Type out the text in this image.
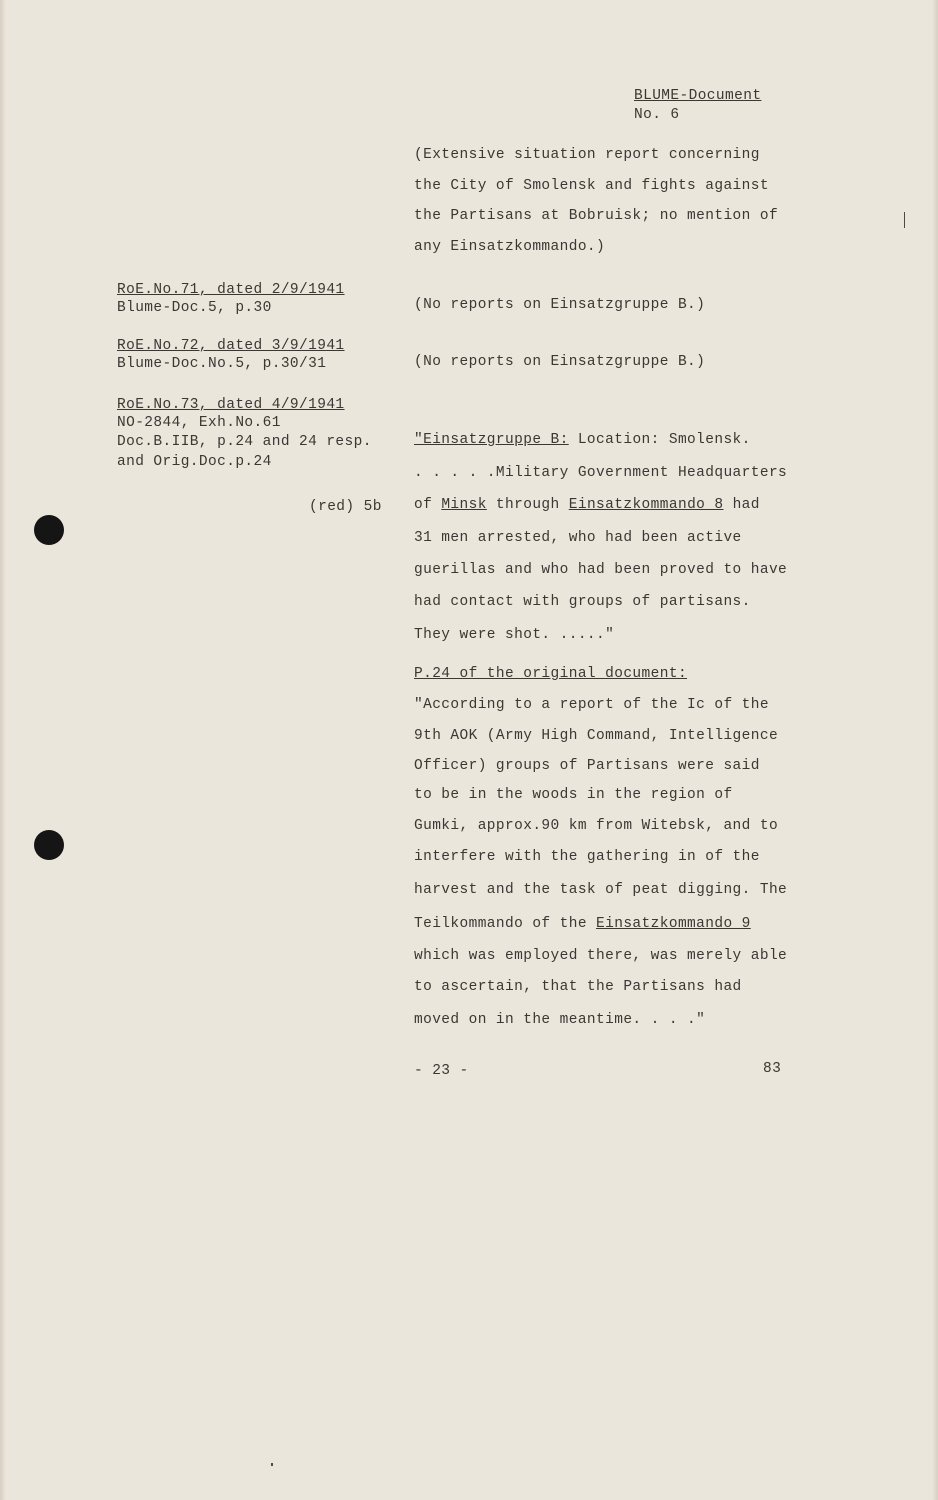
BLUME-Document
No. 6
(Extensive situation report concerning
the City of Smolensk and fights against
the Partisans at Bobruisk; no mention of
any Einsatzkommando.)
RoE.No.71, dated 2/9/1941
Blume-Doc.5, p.30	(No reports on Einsatzgruppe B.)
RoE.No.72, dated 3/9/1941
Blume-Doc.No.5, p.30/31	(No reports on Einsatzgruppe B.)
RoE.No.73, dated 4/9/1941
NO-2844, Exh.No.61
Doc.B.IIB, p.24 and 24 resp.
and Orig.Doc.p.24
(red) 5b
"Einsatzgruppe B: Location: Smolensk.
. . . . .Military Government Headquarters
of Minsk through Einsatzkommando 8 had
31 men arrested, who had been active
guerillas and who had been proved to have
had contact with groups of partisans.
They were shot. ....."
P.24 of the original document:
"According to a report of the Ic of the
9th AOK (Army High Command, Intelligence
Officer) groups of Partisans were said
to be in the woods in the region of
Gumki, approx.90 km from Witebsk, and to
interfere with the gathering in of the
harvest and the task of peat digging. The
Teilkommando of the Einsatzkommando 9
which was employed there, was merely able
to ascertain, that the Partisans had
moved on in the meantime. . . ."
- 23 -	83
